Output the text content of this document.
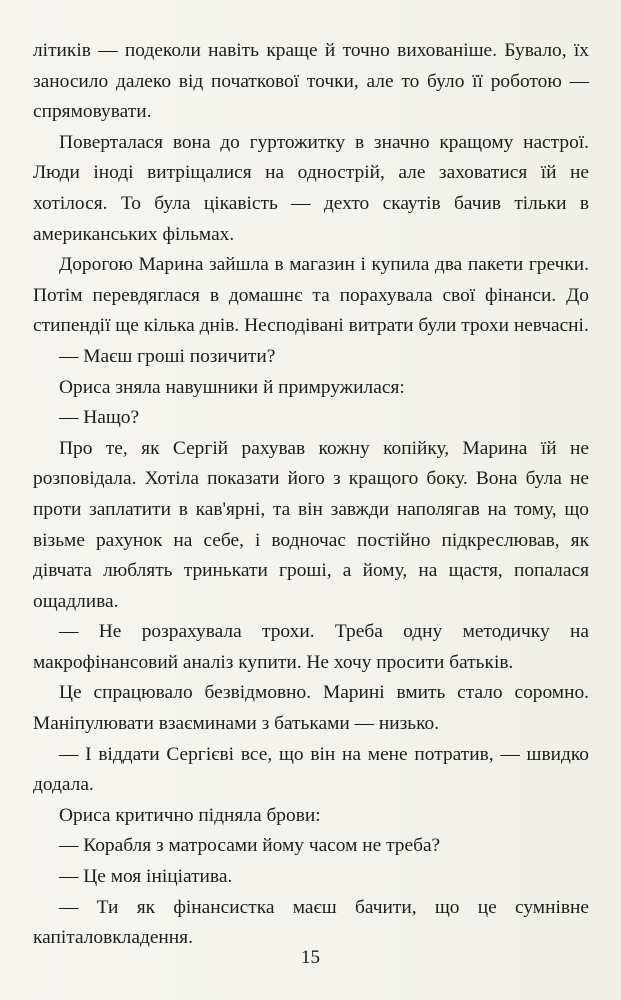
літиків — подеколи навіть краще й точно вихованіше. Бувало, їх заносило далеко від початкової точки, але то було її роботою — спрямовувати.

Поверталася вона до гуртожитку в значно кращому настрої. Люди іноді витріщалися на однострій, але заховатися їй не хотілося. То була цікавість — дехто скаутів бачив тільки в американських фільмах.

Дорогою Марина зайшла в магазин і купила два пакети гречки. Потім перевдяглася в домашнє та порахувала свої фінанси. До стипендії ще кілька днів. Несподівані витрати були трохи невчасні.

— Маєш гроші позичити?

Ориса зняла навушники й примружилася:

— Нащо?

Про те, як Сергій рахував кожну копійку, Марина їй не розповідала. Хотіла показати його з кращого боку. Вона була не проти заплатити в кав'ярні, та він завжди наполягав на тому, що візьме рахунок на себе, і водночас постійно підкреслював, як дівчата люблять тринькати гроші, а йому, на щастя, попалася ощадлива.

— Не розрахувала трохи. Треба одну методичку на макрофінансовий аналіз купити. Не хочу просити батьків.

Це спрацювало безвідмовно. Марині вмить стало соромно. Маніпулювати взаєминами з батьками — низько.

— І віддати Сергієві все, що він на мене потратив, — швидко додала.

Ориса критично підняла брови:

— Корабля з матросами йому часом не треба?

— Це моя ініціатива.

— Ти як фінансистка маєш бачити, що це сумнівне капіталовкладення.

15
